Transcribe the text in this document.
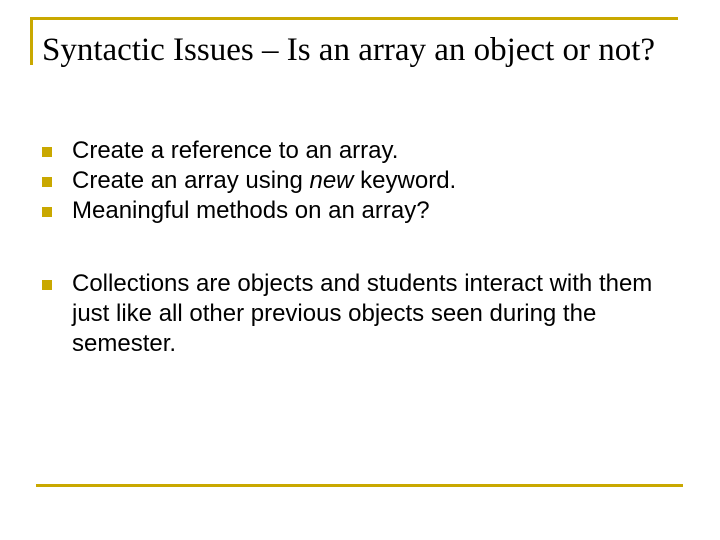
Syntactic Issues – Is an array an object or not?
Create a reference to an array.
Create an array using new keyword.
Meaningful methods on an array?
Collections are objects and students interact with them just like all other previous objects seen during the semester.
